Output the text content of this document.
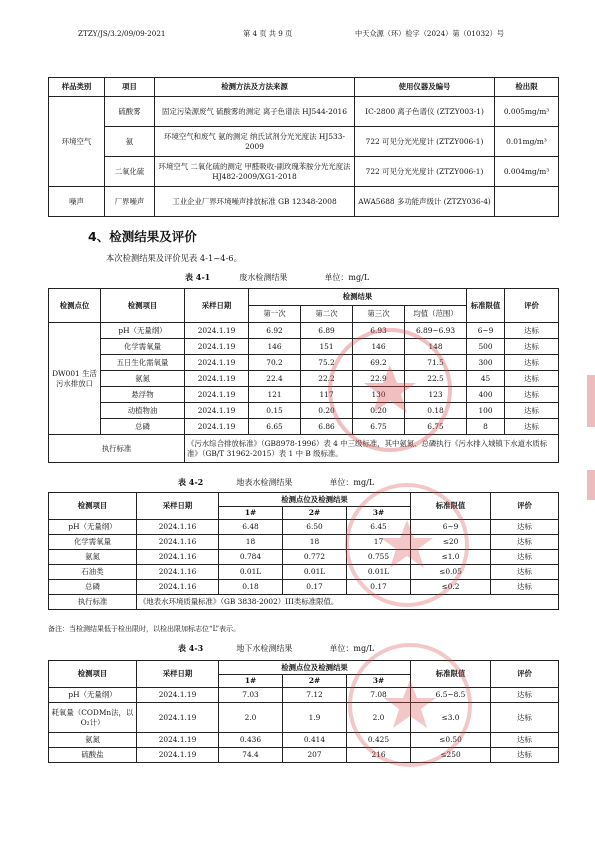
ZTZY/JS/3.2/09/09-2021	第 4 页 共 9 页	中天众源（环）检字（2024）第（01032）号
样品类别	项目	检测方法及方法来源	使用仪器及编号	检出限
环境空气	硫酸雾	固定污染源废气 硫酸雾的测定 离子色谱法 HJ544-2016	IC-2800 离子色谱仪 (ZTZY003-1)	0.005mg/m³
	氨	环境空气和废气 氨的测定 纳氏试剂分光光度法 HJ533-2009	722 可见分光光度计 (ZTZY006-1)	0.01mg/m³
	二氧化硫	环境空气 二氧化硫的测定 甲醛吸收-副玫瑰苯胺分光光度法 HJ482-2009/XG1-2018	722 可见分光光度计 (ZTZY006-1)	0.004mg/m³
噪声	厂界噪声	工业企业厂界环境噪声排放标准 GB 12348-2008	AWA5688 多功能声级计 (ZTZY036-4)	
4、检测结果及评价
本次检测结果及评价见表 4-1~4-6。
表 4-1	废水检测结果	单位：mg/L
检测点位	检测项目	采样日期	检测结果				标准限值	评价
			第一次	第二次	第三次	均值（范围）		
DW001 生活污水排放口	pH（无量纲）	2024.1.19	6.92	6.89	6.93	6.89~6.93	6~9	达标
	化学需氧量	2024.1.19	146	151	146	148	500	达标
	五日生化需氧量	2024.1.19	70.2	75.2	69.2	71.5	300	达标
	氨氮	2024.1.19	22.4	22.2	22.9	22.5	45	达标
	悬浮物	2024.1.19	121	117	130	123	400	达标
	动植物油	2024.1.19	0.15	0.20	0.20	0.18	100	达标
	总磷	2024.1.19	6.65	6.86	6.75	6.75	8	达标
执行标准		《污水综合排放标准》（GB8978-1996）表 4 中三级标准，其中氨氮、总磷执行《污水排入城镇下水道水质标准》（GB/T 31962-2015）表 1 中 B 级标准。						
表 4-2	地表水检测结果	单位：mg/L
检测项目	采样日期	检测点位及检测结果			标准限值	评价
		1#	2#	3#		
pH（无量纲）	2024.1.16	6.48	6.50	6.45	6~9	达标
化学需氧量	2024.1.16	18	18	17	≤20	达标
氨氮	2024.1.16	0.784	0.772	0.755	≤1.0	达标
石油类	2024.1.16	0.01L	0.01L	0.01L	≤0.05	达标
总磷	2024.1.16	0.18	0.17	0.17	≤0.2	达标
执行标准	《地表水环境质量标准》（GB 3838-2002）III类标准限值。					
备注：当检测结果低于检出限时，以检出限加标志位“L”表示。
表 4-3	地下水检测结果	单位：mg/L
检测项目	采样日期	检测点位及检测结果			标准限值	评价
		1#	2#	3#		
pH（无量纲）	2024.1.19	7.03	7.12	7.08	6.5~8.5	达标
耗氧量（CODMn法，以O₂计）	2024.1.19	2.0	1.9	2.0	≤3.0	达标
氨氮	2024.1.19	0.436	0.414	0.425	≤0.50	达标
硫酸盐	2024.1.19	74.4	207	216	≤250	达标
